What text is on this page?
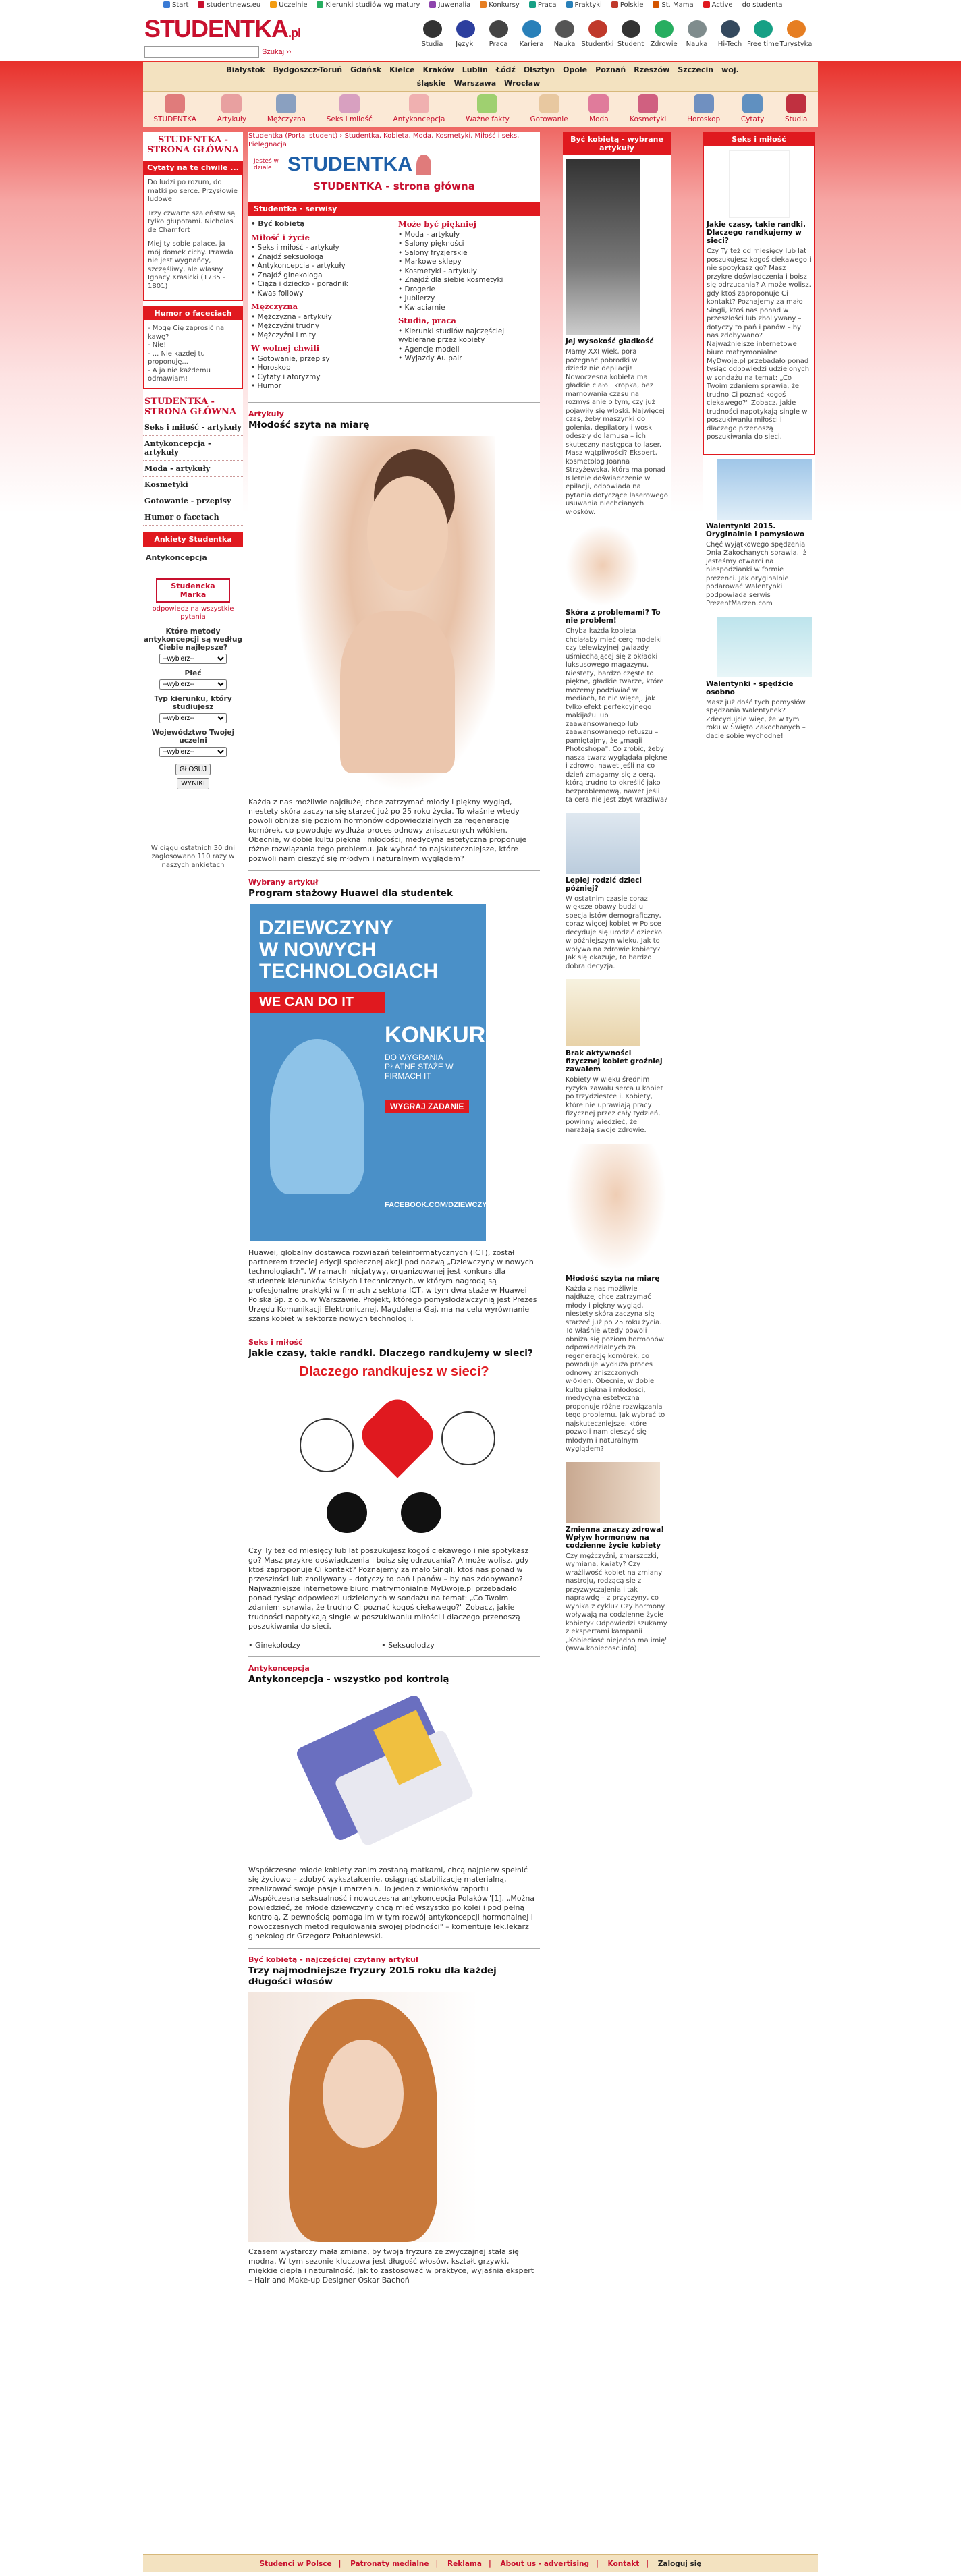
Start	studentnews.eu	Uczelnie	Kierunki studiów wg matury	Juwenalia	Konkursy	Praca	Praktyki	Polskie	St. Mama	Active do studenta
STUDENTKA.pl
Szukaj ››
Studia	Języki	Praca	Kariera	Nauka Studentki Student Zdrowie	Nauka	Hi-Tech Free time Turystyka
Białystok Bydgoszcz-Toruń Gdańsk Kielce Kraków Lublin Łódź Olsztyn Opole Poznań Rzeszów Szczecin woj. śląskie Warszawa Wrocław

STUDENTKA	Artykuły	Mężczyzna	Seks i miłość	Antykoncepcja	Ważne fakty	Gotowanie	Moda	Kosmetyki	Horoskop	Cytaty	Studia
STUDENTKA - STRONA GŁÓWNA
Cytaty na te chwile ...

Do ludzi po rozum, do matki po serce. Przysłowie ludowe

Trzy czwarte szaleństw są tylko głupotami. Nicholas de Chamfort

Miej ty sobie palace, ja mój domek cichy. Prawda nie jest wygnańcy, szczęśliwy, ale własny Ignacy Krasicki (1735 - 1801)

Humor o faceciach
- Mogę Cię zaprosić na kawę?
- Nie!
- ... Nie każdej tu proponuję...
- A ja nie każdemu odmawiam!
STUDENTKA - STRONA GŁÓWNA
Seks i miłość - artykuły
Antykoncepcja - artykuły
Moda - artykuły
Kosmetyki
Gotowanie - przepisy
Humor o facetach
Ankiety Studentka
Antykoncepcja
Studencka Marka
odpowiedz na wszystkie pytania
Które metody antykoncepcji są według Ciebie najlepsze?
--wybierz--
Płeć
--wybierz--
Typ kierunku, który studiujesz
--wybierz--
Województwo Twojej uczelni
--wybierz--
GŁOSUJ
WYNIKI
W ciągu ostatnich 30 dni zagłosowano 110 razy w naszych ankietach
Studentka (Portal student) › Studentka, Kobieta, Moda, Kosmetyki, Miłość i seks, Pielęgnacja
Jesteś w dziale STUDENTKA
STUDENTKA - strona główna
Studentka - serwisy
• Być kobietą
Miłość i życie
• Seks i miłość - artykuły
• Znajdź seksuologa
• Antykoncepcja - artykuły
• Znajdź ginekologa
• Ciąża i dziecko - poradnik
• Kwas foliowy
Mężczyzna
• Mężczyzna - artykuły
• Mężczyźni trudny
• Mężczyźni i mity
W wolnej chwili
• Gotowanie, przepisy
• Horoskop
• Cytaty i aforyzmy
• Humor
Może być piękniej
• Moda - artykuły
• Salony piękności
• Salony fryzjerskie
• Markowe sklepy
• Kosmetyki - artykuły
• Znajdź dla siebie kosmetyki
• Drogerie
• Jubilerzy
• Kwiaciarnie
Studia, praca
• Kierunki studiów najczęściej wybierane przez kobiety
• Agencje modeli
• Wyjazdy Au pair
Artykuły
Młodość szyta na miarę

Każda z nas możliwie najdłużej chce zatrzymać młody i piękny wygląd, niestety skóra zaczyna się starzeć już po 25 roku życia. To właśnie wtedy powoli obniża się poziom hormonów odpowiedzialnych za regenerację komórek, co powoduje wydłuża proces odnowy zniszczonych włókien. Obecnie, w dobie kultu piękna i młodości, medycyna estetyczna proponuje różne rozwiązania tego problemu. Jak wybrać to najskuteczniejsze, które pozwoli nam cieszyć się młodym i naturalnym wyglądem?

Wybrany artykuł
Program stażowy Huawei dla studentek
DZIEWCZYNY
W NOWYCH
TECHNOLOGIACH
WE CAN DO IT
KONKURS
DO WYGRANIA PŁATNE STAŻE W FIRMACH IT
WYGRAJ ZADANIE
FACEBOOK.COM/DZIEWCZYNYICT

Huawei, globalny dostawca rozwiązań teleinformatycznych (ICT), został partnerem trzeciej edycji społecznej akcji pod nazwą „Dziewczyny w nowych technologiach". W ramach inicjatywy, organizowanej jest konkurs dla studentek kierunków ścisłych i technicznych, w którym nagrodą są profesjonalne praktyki w firmach z sektora ICT, w tym dwa staże w Huawei Polska Sp. z o.o. w Warszawie. Projekt, którego pomysłodawczynią jest Prezes Urzędu Komunikacji Elektronicznej, Magdalena Gaj, ma na celu wyrównanie szans kobiet w sektorze nowych technologii.

Seks i miłość
Jakie czasy, takie randki. Dlaczego randkujemy w sieci?
Dlaczego randkujesz w sieci?

Czy Ty też od miesięcy lub lat poszukujesz kogoś ciekawego i nie spotykasz go? Masz przykre doświadczenia i boisz się odrzucania? A może wolisz, gdy ktoś zaproponuje Ci kontakt? Poznajemy za mało Singli, ktoś nas ponad w przeszłości lub zhollywany – dotyczy to pań i panów – by nas zdobywano? Najważniejsze internetowe biuro matrymonialne MyDwoje.pl przebadało ponad tysiąc odpowiedzi udzielonych w sondażu na temat: „Co Twoim zdaniem sprawia, że trudno Ci poznać kogoś ciekawego?" Zobacz, jakie trudności napotykają single w poszukiwaniu miłości i dlaczego przenoszą poszukiwania do sieci.

• Ginekolodzy	• Seksuolodzy
Antykoncepcja
Antykoncepcja - wszystko pod kontrolą

Współczesne młode kobiety zanim zostaną matkami, chcą najpierw spełnić się życiowo – zdobyć wykształcenie, osiągnąć stabilizację materialną, zrealizować swoje pasje i marzenia. To jeden z wniosków raportu „Współczesna seksualność i nowoczesna antykoncepcja Polaków"[1]. „Można powiedzieć, że młode dziewczyny chcą mieć wszystko po kolei i pod pełną kontrolą. Z pewnością pomaga im w tym rozwój antykoncepcji hormonalnej i nowoczesnych metod regulowania swojej płodności" – komentuje lek.lekarz ginekolog dr Grzegorz Południewski.

Być kobietą - najczęściej czytany artykuł
Trzy najmodniejsze fryzury 2015 roku dla każdej długości włosów

Czasem wystarczy mała zmiana, by twoja fryzura ze zwyczajnej stała się modna. W tym sezonie kluczowa jest długość włosów, kształt grzywki, miękkie ciepła i naturalność. Jak to zastosować w praktyce, wyjaśnia ekspert – Hair and Make-up Designer Oskar Bachoń

Być kobietą - wybrane artykuły
Jej wysokość gładkość

Mamy XXI wiek, pora pożegnać pobrodki w dziedzinie depilacji! Nowoczesna kobieta ma gładkie ciało i kropka, bez marnowania czasu na rozmyślanie o tym, czy już pojawiły się włoski. Najwięcej czas, żeby maszynki do golenia, depilatory i wosk odeszły do lamusa – ich skuteczny następca to laser. Masz wątpliwości? Ekspert, kosmetolog Joanna Strzyżewska, która ma ponad 8 letnie doświadczenie w epilacji, odpowiada na pytania dotyczące laserowego usuwania niechcianych włosków.

Skóra z problemami? To nie problem!

Chyba każda kobieta chciałaby mieć cerę modelki czy telewizyjnej gwiazdy uśmiechającej się z okładki luksusowego magazynu. Niestety, bardzo częste to piękne, gładkie twarze, które możemy podziwiać w mediach, to nic więcej, jak tylko efekt perfekcyjnego makijażu lub zaawansowanego lub zaawansowanego retuszu – pamiętajmy, że „magii Photoshopa". Co zrobić, żeby nasza twarz wyglądała piękne i zdrowo, nawet jeśli na co dzień zmagamy się z cerą, którą trudno to określić jako bezproblemową, nawet jeśli ta cera nie jest zbyt wrażliwa?

Lepiej rodzić dzieci później?

W ostatnim czasie coraz większe obawy budzi u specjalistów demograficzny, coraz więcej kobiet w Polsce decyduje się urodzić dziecko w późniejszym wieku. Jak to wpływa na zdrowie kobiety? Jak się okazuje, to bardzo dobra decyzja.

Brak aktywności fizycznej kobiet groźniej zawałem

Kobiety w wieku średnim ryzyka zawału serca u kobiet po trzydziestce i. Kobiety, które nie uprawiają pracy fizycznej przez cały tydzień, powinny wiedzieć, że narażają swoje zdrowie.

Młodość szyta na miarę

Każda z nas możliwie najdłużej chce zatrzymać młody i piękny wygląd, niestety skóra zaczyna się starzeć już po 25 roku życia. To właśnie wtedy powoli obniża się poziom hormonów odpowiedzialnych za regenerację komórek, co powoduje wydłuża proces odnowy zniszczonych włókien. Obecnie, w dobie kultu piękna i młodości, medycyna estetyczna proponuje różne rozwiązania tego problemu. Jak wybrać to najskuteczniejsze, które pozwoli nam cieszyć się młodym i naturalnym wyglądem?

Zmienna znaczy zdrowa! Wpływ hormonów na codzienne życie kobiety

Czy mężczyźni, zmarszczki, wymiana, kwiaty? Czy wrażliwość kobiet na zmiany nastroju, rodzącą się z przyzwyczajenia i tak naprawdę – z przyczyny, co wynika z cyklu? Czy hormony wpływają na codzienne życie kobiety? Odpowiedzi szukamy z ekspertami kampanii „Kobieciość niejedno ma imię" (www.kobiecosc.info).

Seks i miłość
Jakie czasy, takie randki. Dlaczego randkujemy w sieci?

Czy Ty też od miesięcy lub lat poszukujesz kogoś ciekawego i nie spotykasz go? Masz przykre doświadczenia i boisz się odrzucania? A może wolisz, gdy ktoś zaproponuje Ci kontakt? Poznajemy za mało Singli, ktoś nas ponad w przeszłości lub zhollywany – dotyczy to pań i panów – by nas zdobywano? Najważniejsze internetowe biuro matrymonialne MyDwoje.pl przebadało ponad tysiąc odpowiedzi udzielonych w sondażu na temat: „Co Twoim zdaniem sprawia, że trudno Ci poznać kogoś ciekawego?" Zobacz, jakie trudności napotykają single w poszukiwaniu miłości i dlaczego przenoszą poszukiwania do sieci.

Walentynki 2015. Oryginalnie i pomysłowo

Chęć wyjątkowego spędzenia Dnia Zakochanych sprawia, iż jesteśmy otwarci na niespodzianki w formie prezenci. Jak oryginalnie podarować Walentynki podpowiada serwis PrezentMarzen.com

Walentynki - spędźcie osobno

Masz już dość tych pomysłów spędzania Walentynek? Zdecydujcie więc, że w tym roku w Święto Zakochanych – dacie sobie wychodne!

Studenci w Polsce | Patronaty medialne | Reklama | About us - advertising | Kontakt | Zaloguj się
